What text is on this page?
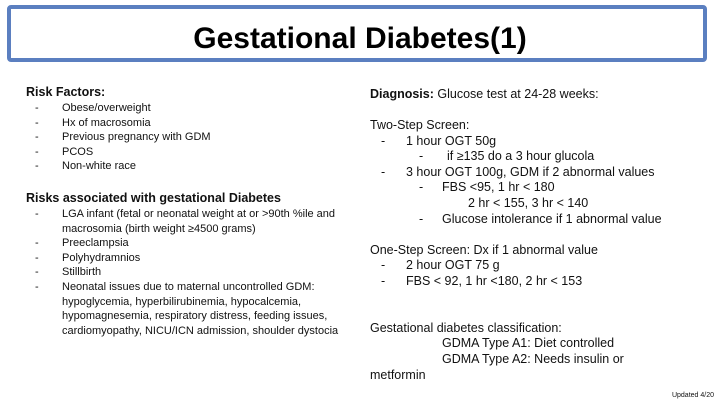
Gestational Diabetes(1)
Risk Factors:
- Obese/overweight
- Hx of macrosomia
- Previous pregnancy with GDM
- PCOS
- Non-white race
Risks associated with gestational Diabetes
- LGA infant (fetal or neonatal weight at or >90th %ile and macrosomia (birth weight ≥4500 grams)
- Preeclampsia
- Polyhydramnios
- Stillbirth
- Neonatal issues due to maternal uncontrolled GDM: hypoglycemia, hyperbilirubinemia, hypocalcemia, hypomagnesemia, respiratory distress, feeding issues, cardiomyopathy, NICU/ICN admission, shoulder dystocia
Diagnosis: Glucose test at 24-28 weeks:
Two-Step Screen:
- 1 hour OGT 50g
- if ≥135 do a 3 hour glucola
- 3 hour OGT 100g, GDM if 2 abnormal values
- FBS <95, 1 hr < 180
2 hr < 155, 3 hr < 140
- Glucose intolerance if 1 abnormal value
One-Step Screen: Dx if 1 abnormal value
- 2 hour OGT 75 g
- FBS < 92, 1 hr <180, 2 hr < 153
Gestational diabetes classification:
GDMA Type A1: Diet controlled
GDMA Type A2: Needs insulin or
metformin
Updated 4/20
